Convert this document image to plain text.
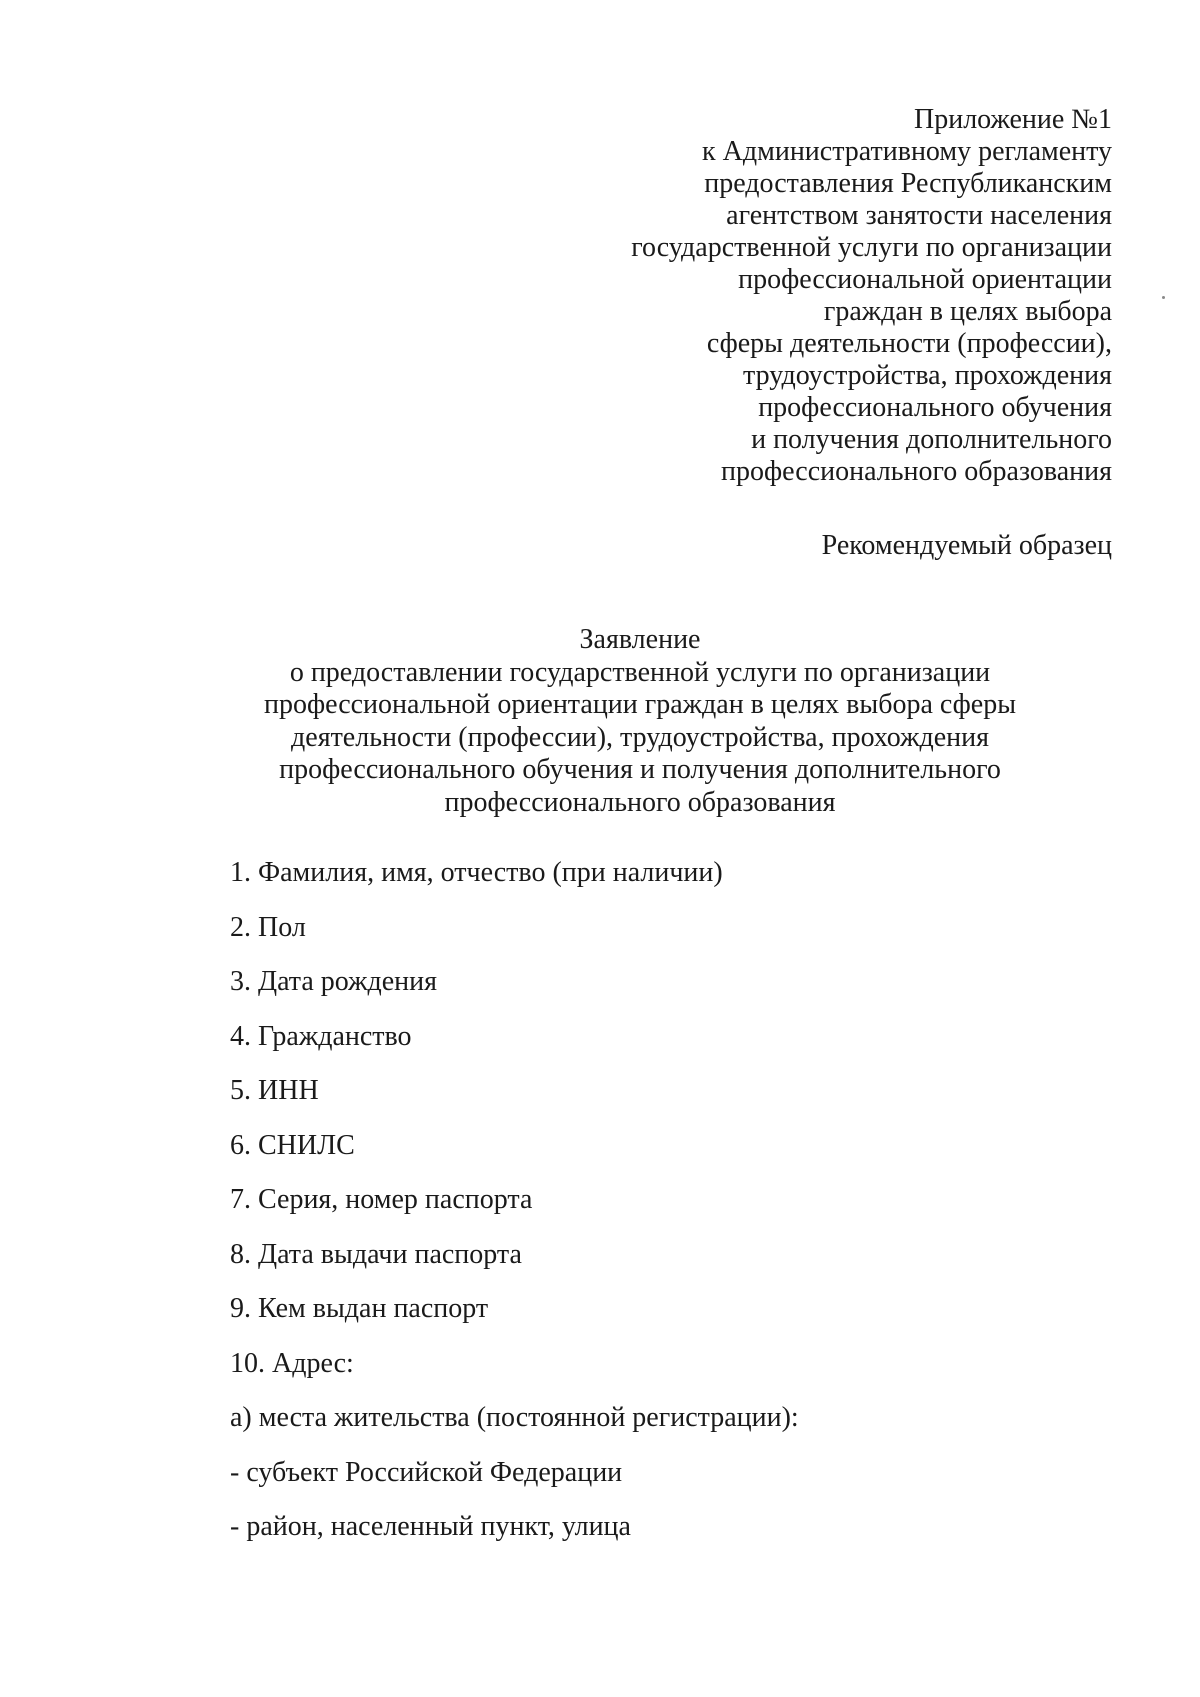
Приложение №1
к Административному регламенту
предоставления Республиканским
агентством занятости населения
государственной услуги по организации
профессиональной ориентации
граждан в целях выбора
сферы деятельности (профессии),
трудоустройства, прохождения
профессионального обучения
и получения дополнительного
профессионального образования
Рекомендуемый образец
Заявление
о предоставлении государственной услуги по организации
профессиональной ориентации граждан в целях выбора сферы
деятельности (профессии), трудоустройства, прохождения
профессионального обучения и получения дополнительного
профессионального образования
1. Фамилия, имя, отчество (при наличии)
2. Пол
3. Дата рождения
4. Гражданство
5. ИНН
6. СНИЛС
7. Серия, номер паспорта
8. Дата выдачи паспорта
9. Кем выдан паспорт
10. Адрес:
а) места жительства (постоянной регистрации):
- субъект Российской Федерации
- район, населенный пункт, улица
